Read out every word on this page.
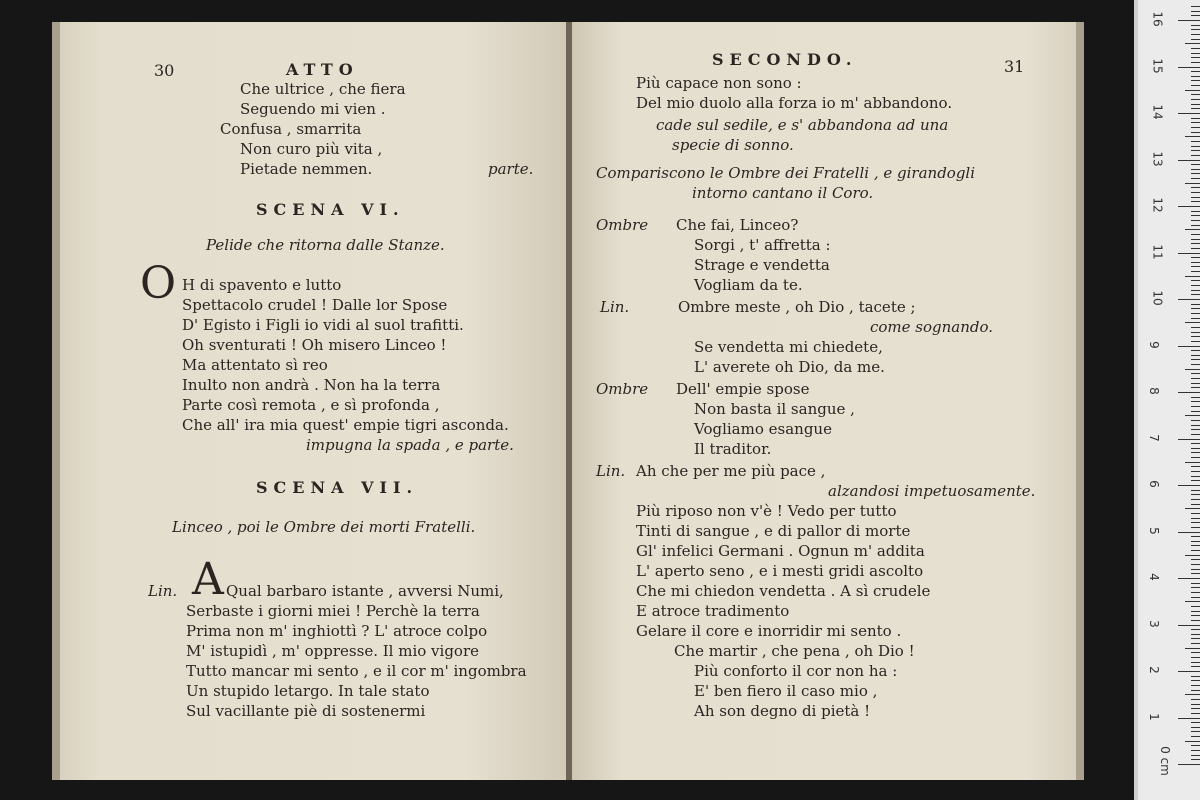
30	ATTO
Che ultrice , che fiera
Seguendo mi vien .
Confusa , smarrita
Non curo più vita ,
Pietade nemmen.	parte.
SCENA VI.
Pelide che ritorna dalle Stanze.
O H di spavento e lutto
Spettacolo crudel ! Dalle lor Spose
D' Egisto i Figli io vidi al suol trafitti.
Oh sventurati ! Oh misero Linceo !
Ma attentato sì reo
Inulto non andrà . Non ha la terra
Parte così remota , e sì profonda ,
Che all' ira mia quest' empie tigri asconda.
impugna la spada , e parte.
SCENA VII.
Linceo , poi le Ombre dei morti Fratelli.
Lin. A Qual barbaro istante , avversi Numi,
Serbaste i giorni miei ! Perchè la terra
Prima non m' inghiottì ? L' atroce colpo
M' istupidì , m' oppresse. Il mio vigore
Tutto mancar mi sento , e il cor m' ingombra
Un stupido letargo. In tale stato
Sul vacillante piè di sostenermi
SECONDO.	31
Più capace non sono :
Del mio duolo alla forza io m' abbandono.
cade sul sedile, e s' abbandona ad una
specie di sonno.
Compariscono le Ombre dei Fratelli , e girandogli
intorno cantano il Coro.
Ombre Che fai, Linceo?
Sorgi , t' affretta :
Strage e vendetta
Vogliam da te.
Lin.	Ombre meste , oh Dio , tacete ;
come sognando.
Se vendetta mi chiedete,
L' averete oh Dio, da me.
Ombre Dell' empie spose
Non basta il sangue ,
Vogliamo esangue
Il traditor.
Lin. Ah che per me più pace ,
alzandosi impetuosamente.
Più riposo non v'è ! Vedo per tutto
Tinti di sangue , e di pallor di morte
Gl' infelici Germani . Ognun m' addita
L' aperto seno , e i mesti gridi ascolto
Che mi chiedon vendetta . A sì crudele
E atroce tradimento
Gelare il core e inorridir mi sento .
Che martir , che pena , oh Dio !
Più conforto il cor non ha :
E' ben fiero il caso mio ,
Ah son degno di pietà !
0 cm
1
2
3
4
5
6
7
8
9
10
11
12
13
14
15
16
